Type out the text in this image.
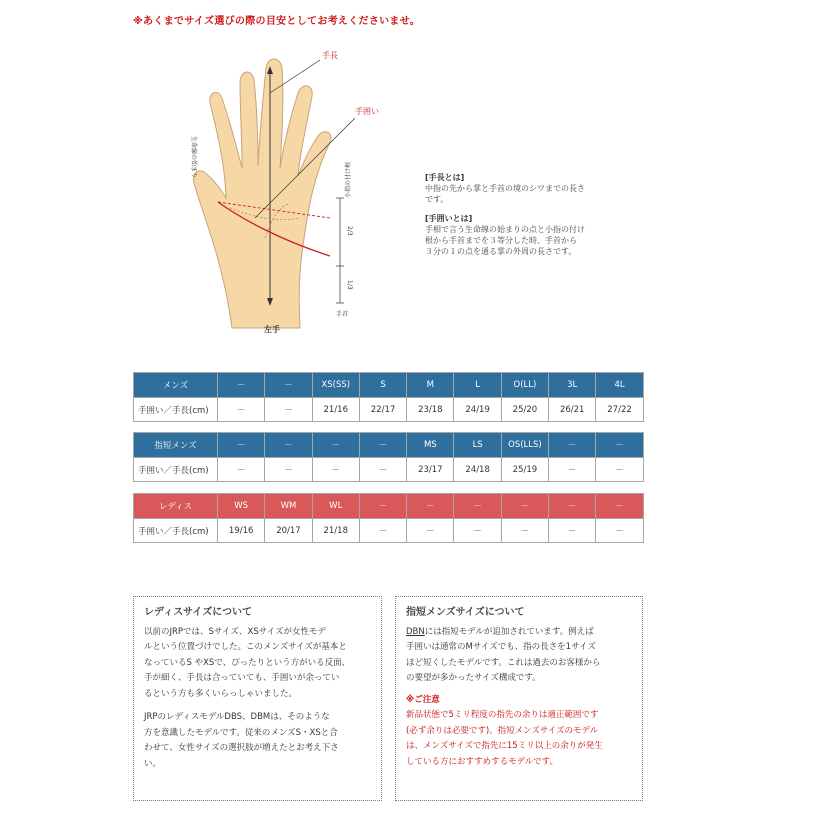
※あくまでサイズ選びの際の目安としてお考えくださいませ。
手長
手囲い
生命線の始まり
小指の付け根
2/3
1/3
手首
左手
[手長とは]
中指の先から掌と手首の境のシワまでの長さ
です。
[手囲いとは]
手相で言う生命線の始まりの点と小指の付け
根から手首までを３等分した時、手首から
３分の１の点を通る掌の外周の長さです。
メンズ	－	－	XS(SS)	S	M	L	O(LL)	3L	4L
手囲い／手長(cm)	－	－	21/16	22/17	23/18	24/19	25/20	26/21	27/22
指短メンズ	－	－	－	－	MS	LS	OS(LLS)	－	－
手囲い／手長(cm)	－	－	－	－	23/17	24/18	25/19	－	－
レディス	WS	WM	WL	－	－	－	－	－	－
手囲い／手長(cm)	19/16	20/17	21/18	－	－	－	－	－	－
レディスサイズについて

以前のJRPでは、Sサイズ、XSサイズが女性モデ
ルという位置づけでした。このメンズサイズが基本と
なっているS やXSで、ぴったりという方がいる反面、
手が細く、手長は合っていても、手囲いが余ってい
るという方も多くいらっしゃいました。

JRPのレディスモデルDBS、DBMは、そのような
方を意識したモデルです。従来のメンズS・XSと合
わせて、女性サイズの選択肢が増えたとお考え下さ
い。

指短メンズサイズについて
DBNには指短モデルが追加されています。例えば
手囲いは通常のMサイズでも、指の長さを1サイズ
ほど短くしたモデルです。これは過去のお客様から
の要望が多かったサイズ構成です。
※ご注意
新品状態で5ミリ程度の指先の余りは適正範囲です
(必ず余りは必要です)。指短メンズサイズのモデル
は、メンズサイズで指先に15ミリ以上の余りが発生
している方におすすめするモデルです。
